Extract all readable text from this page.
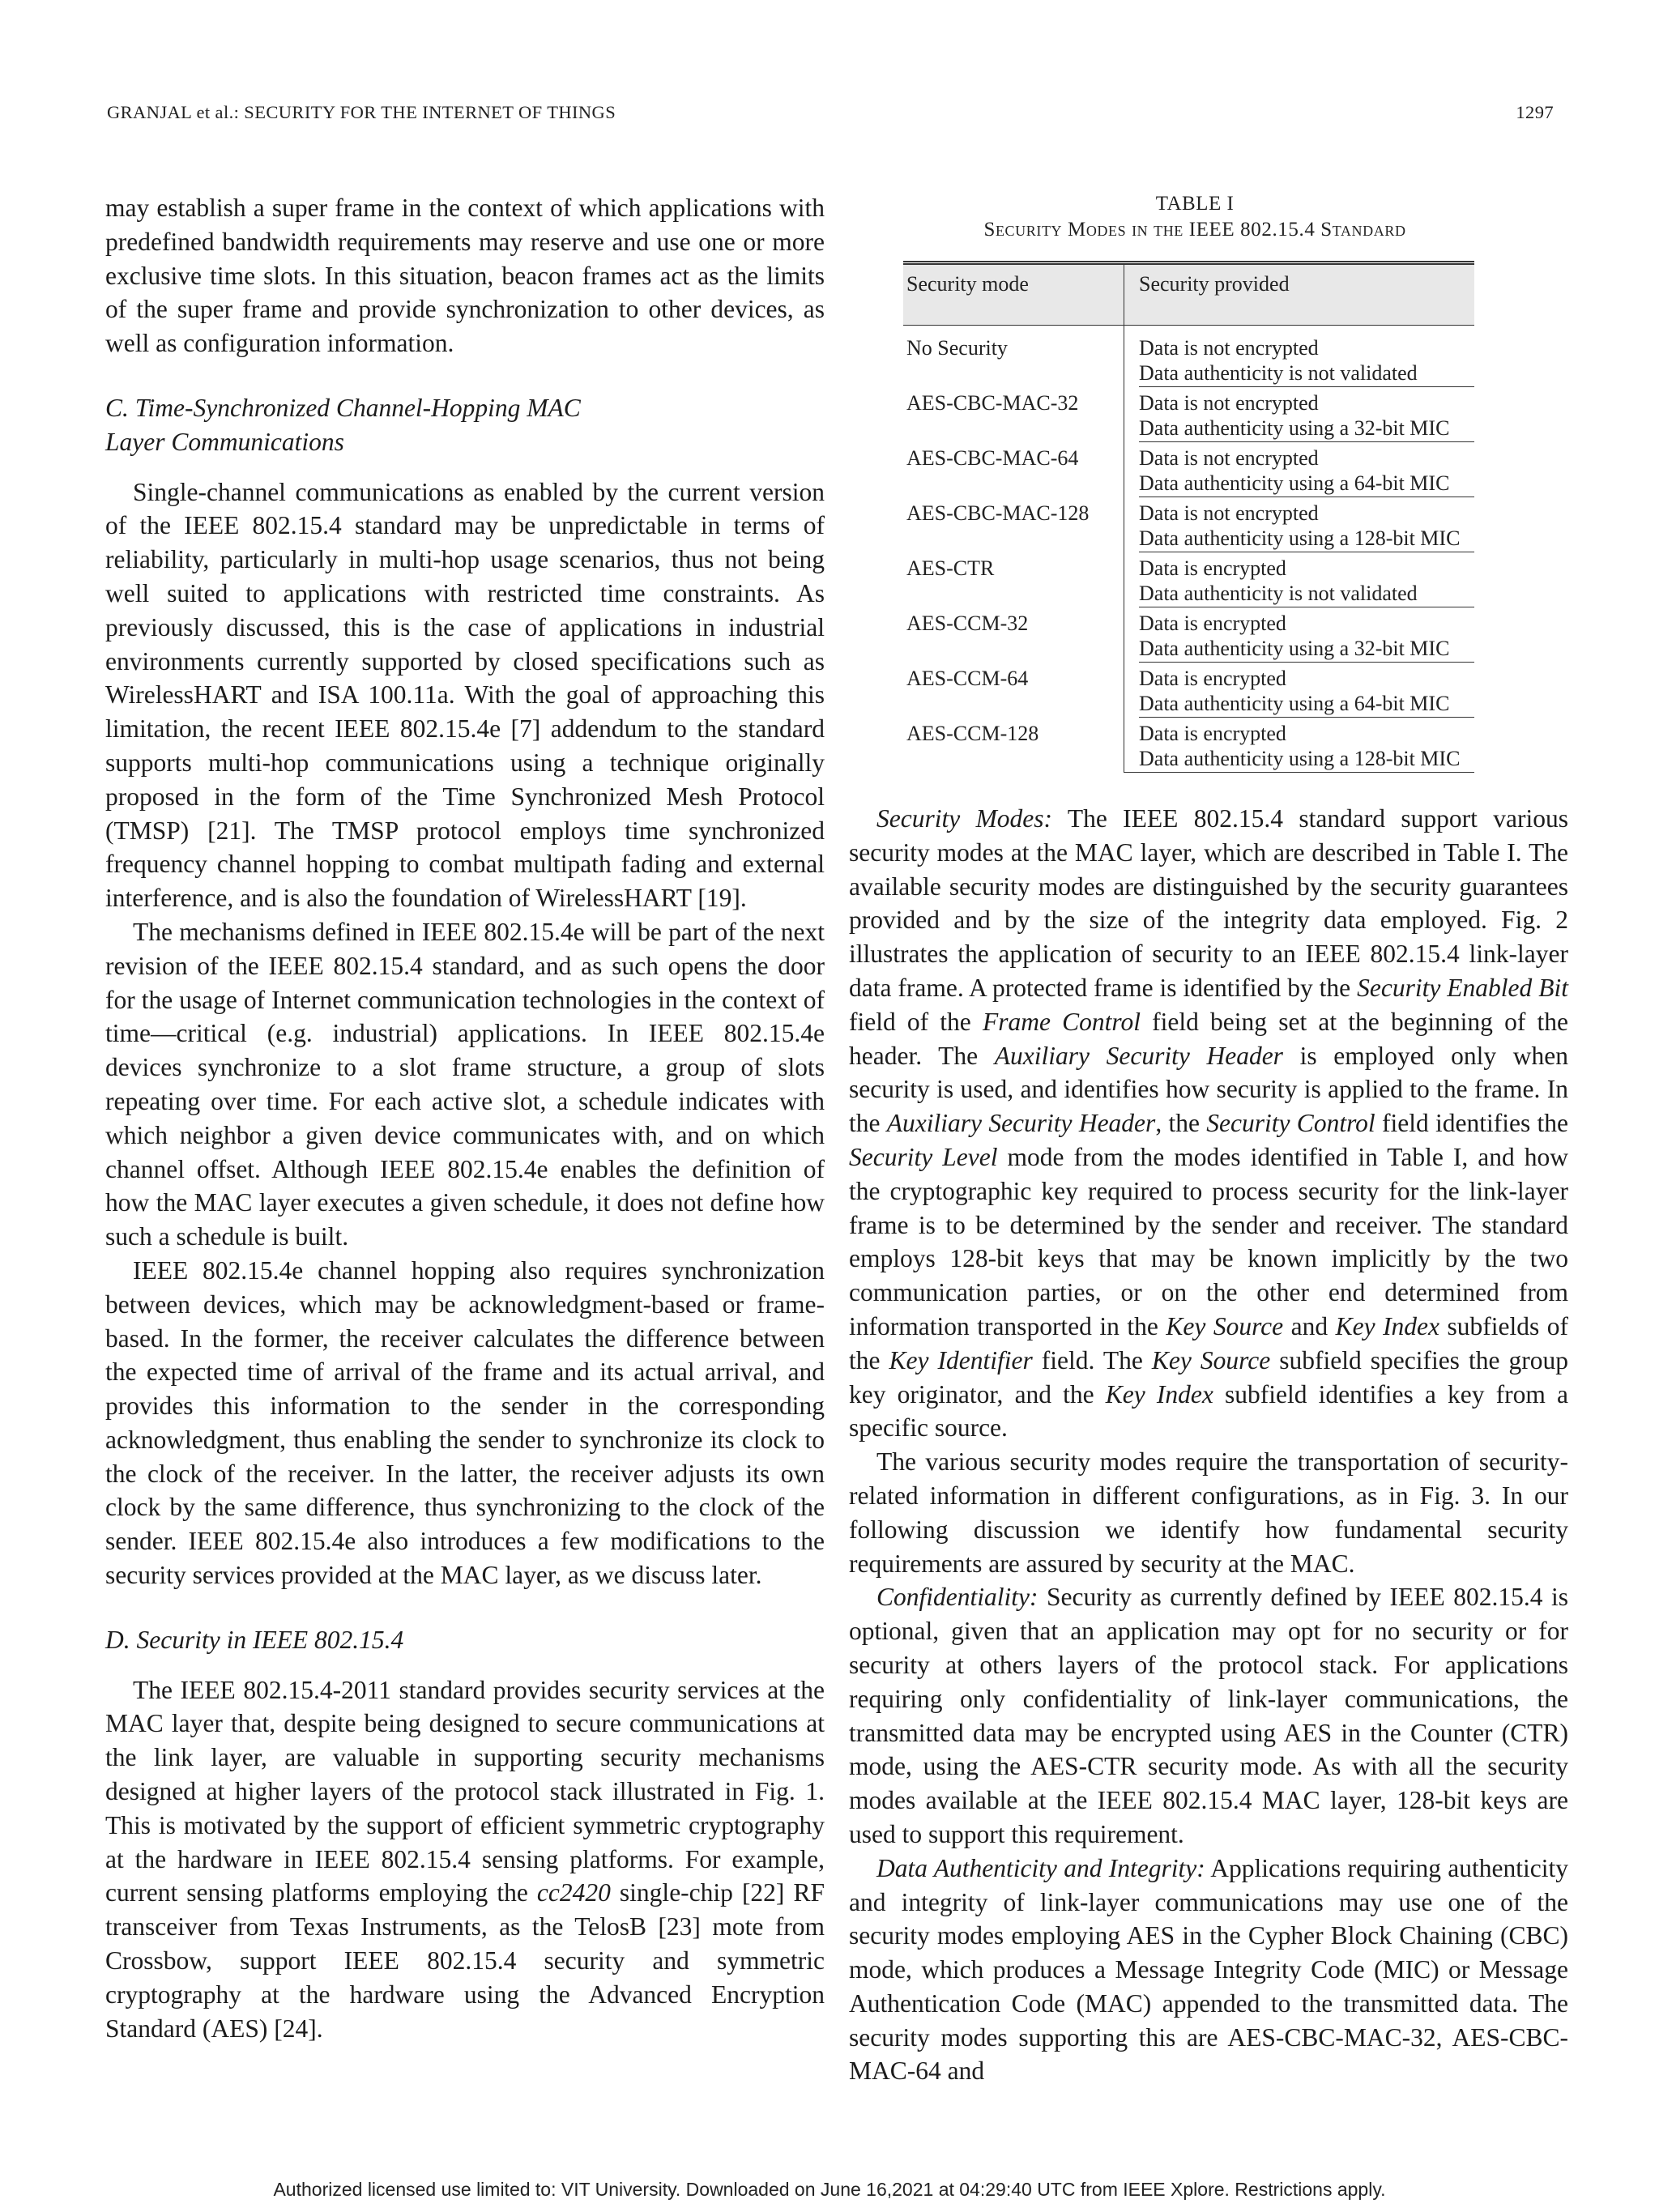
GRANJAL et al.: SECURITY FOR THE INTERNET OF THINGS	1297

may establish a super frame in the context of which applications with predefined bandwidth requirements may reserve and use one or more exclusive time slots. In this situation, beacon frames act as the limits of the super frame and provide synchronization to other devices, as well as configuration information.

C. Time-Synchronized Channel-Hopping MAC

Layer Communications

Single-channel communications as enabled by the current version of the IEEE 802.15.4 standard may be unpredictable in terms of reliability, particularly in multi-hop usage scenarios, thus not being well suited to applications with restricted time constraints. As previously discussed, this is the case of applications in industrial environments currently supported by closed specifications such as WirelessHART and ISA 100.11a. With the goal of approaching this limitation, the recent IEEE 802.15.4e [7] addendum to the standard supports multi-hop communications using a technique originally proposed in the form of the Time Synchronized Mesh Protocol (TMSP) [21]. The TMSP protocol employs time synchronized frequency channel hopping to combat multipath fading and external interference, and is also the foundation of WirelessHART [19].

The mechanisms defined in IEEE 802.15.4e will be part of the next revision of the IEEE 802.15.4 standard, and as such opens the door for the usage of Internet communication technologies in the context of time—critical (e.g. industrial) applications. In IEEE 802.15.4e devices synchronize to a slot frame structure, a group of slots repeating over time. For each active slot, a schedule indicates with which neighbor a given device communicates with, and on which channel offset. Although IEEE 802.15.4e enables the definition of how the MAC layer executes a given schedule, it does not define how such a schedule is built.

IEEE 802.15.4e channel hopping also requires synchronization between devices, which may be acknowledgment-based or frame-based. In the former, the receiver calculates the difference between the expected time of arrival of the frame and its actual arrival, and provides this information to the sender in the corresponding acknowledgment, thus enabling the sender to synchronize its clock to the clock of the receiver. In the latter, the receiver adjusts its own clock by the same difference, thus synchronizing to the clock of the sender. IEEE 802.15.4e also introduces a few modifications to the security services provided at the MAC layer, as we discuss later.

D. Security in IEEE 802.15.4

The IEEE 802.15.4-2011 standard provides security services at the MAC layer that, despite being designed to secure communications at the link layer, are valuable in supporting security mechanisms designed at higher layers of the protocol stack illustrated in Fig. 1. This is motivated by the support of efficient symmetric cryptography at the hardware in IEEE 802.15.4 sensing platforms. For example, current sensing platforms employing the cc2420 single-chip [22] RF transceiver from Texas Instruments, as the TelosB [23] mote from Crossbow, support IEEE 802.15.4 security and symmetric cryptography at the hardware using the Advanced Encryption Standard (AES) [24].

TABLE I
Security Modes in the IEEE 802.15.4 Standard
Security mode	Security provided
No Security	Data is not encrypted
Data authenticity is not validated

AES-CBC-MAC-32	Data is not encrypted
Data authenticity using a 32-bit MIC

AES-CBC-MAC-64	Data is not encrypted
Data authenticity using a 64-bit MIC

AES-CBC-MAC-128	Data is not encrypted
Data authenticity using a 128-bit MIC

AES-CTR	Data is encrypted
Data authenticity is not validated

AES-CCM-32	Data is encrypted
Data authenticity using a 32-bit MIC

AES-CCM-64	Data is encrypted
Data authenticity using a 64-bit MIC

AES-CCM-128	Data is encrypted
Data authenticity using a 128-bit MIC

Security Modes: The IEEE 802.15.4 standard support various security modes at the MAC layer, which are described in Table I. The available security modes are distinguished by the security guarantees provided and by the size of the integrity data employed. Fig. 2 illustrates the application of security to an IEEE 802.15.4 link-layer data frame. A protected frame is identified by the Security Enabled Bit field of the Frame Control field being set at the beginning of the header. The Auxiliary Security Header is employed only when security is used, and identifies how security is applied to the frame. In the Auxiliary Security Header, the Security Control field identifies the Security Level mode from the modes identified in Table I, and how the cryptographic key required to process security for the link-layer frame is to be determined by the sender and receiver. The standard employs 128-bit keys that may be known implicitly by the two communication parties, or on the other end determined from information transported in the Key Source and Key Index subfields of the Key Identifier field. The Key Source subfield specifies the group key originator, and the Key Index subfield identifies a key from a specific source.

The various security modes require the transportation of security-related information in different configurations, as in Fig. 3. In our following discussion we identify how fundamental security requirements are assured by security at the MAC.

Confidentiality: Security as currently defined by IEEE 802.15.4 is optional, given that an application may opt for no security or for security at others layers of the protocol stack. For applications requiring only confidentiality of link-layer communications, the transmitted data may be encrypted using AES in the Counter (CTR) mode, using the AES-CTR security mode. As with all the security modes available at the IEEE 802.15.4 MAC layer, 128-bit keys are used to support this requirement.

Data Authenticity and Integrity: Applications requiring authenticity and integrity of link-layer communications may use one of the security modes employing AES in the Cypher Block Chaining (CBC) mode, which produces a Message Integrity Code (MIC) or Message Authentication Code (MAC) appended to the transmitted data. The security modes supporting this are AES-CBC-MAC-32, AES-CBC-MAC-64 and

Authorized licensed use limited to: VIT University. Downloaded on June 16,2021 at 04:29:40 UTC from IEEE Xplore. Restrictions apply.
